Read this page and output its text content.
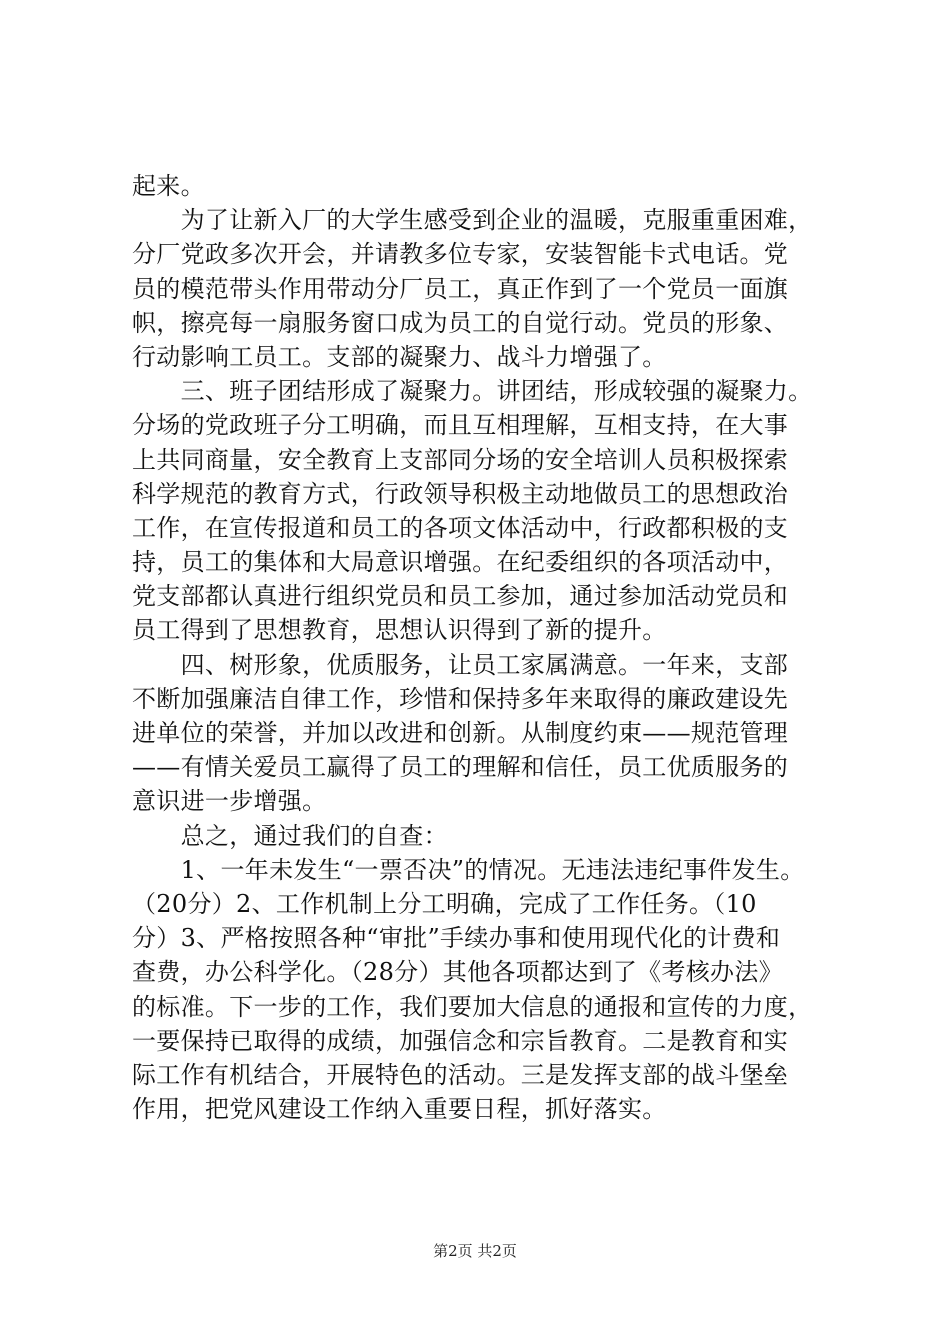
起来。
　　为了让新入厂的大学生感受到企业的温暖，克服重重困难，
分厂党政多次开会，并请教多位专家，安装智能卡式电话。党
员的模范带头作用带动分厂员工，真正作到了一个党员一面旗
帜，擦亮每一扇服务窗口成为员工的自觉行动。党员的形象、
行动影响工员工。支部的凝聚力、战斗力增强了。
　　三、班子团结形成了凝聚力。讲团结，形成较强的凝聚力。
分场的党政班子分工明确，而且互相理解，互相支持，在大事
上共同商量，安全教育上支部同分场的安全培训人员积极探索
科学规范的教育方式，行政领导积极主动地做员工的思想政治
工作，在宣传报道和员工的各项文体活动中，行政都积极的支
持，员工的集体和大局意识增强。在纪委组织的各项活动中，
党支部都认真进行组织党员和员工参加，通过参加活动党员和
员工得到了思想教育，思想认识得到了新的提升。
　　四、树形象，优质服务，让员工家属满意。一年来，支部
不断加强廉洁自律工作，珍惜和保持多年来取得的廉政建设先
进单位的荣誉，并加以改进和创新。从制度约束——规范管理
——有情关爱员工赢得了员工的理解和信任，员工优质服务的
意识进一步增强。
　　总之，通过我们的自查：
　　1、一年未发生“一票否决”的情况。无违法违纪事件发生。
（20分）2、工作机制上分工明确，完成了工作任务。（10
分）3、严格按照各种“审批”手续办事和使用现代化的计费和
查费，办公科学化。（28分）其他各项都达到了《考核办法》
的标准。下一步的工作，我们要加大信息的通报和宣传的力度，
一要保持已取得的成绩，加强信念和宗旨教育。二是教育和实
际工作有机结合，开展特色的活动。三是发挥支部的战斗堡垒
作用，把党风建设工作纳入重要日程，抓好落实。
第2页 共2页
